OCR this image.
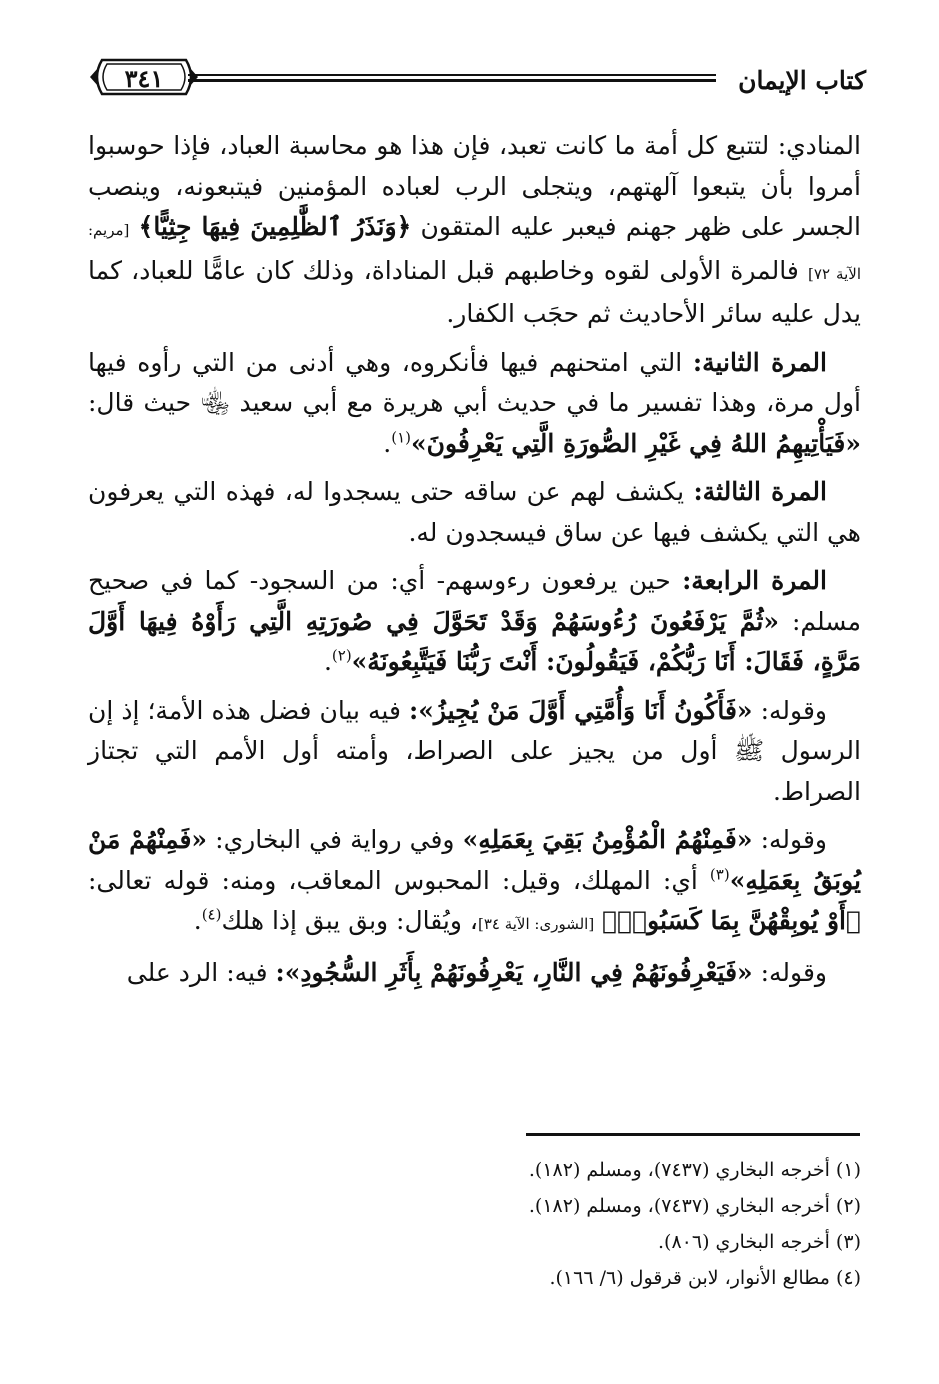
٣٤١	كتاب الإيمان

المنادي: لتتبع كل أمة ما كانت تعبد، فإن هذا هو محاسبة العباد، فإذا حوسبوا أمروا بأن يتبعوا آلهتهم، ويتجلى الرب لعباده المؤمنين فيتبعونه، وينصب الجسر على ظهر جهنم فيعبر عليه المتقون ﴿وَنَذَرُ ٱلظَّٰلِمِينَ فِيهَا جِثِيًّا﴾ [مريم: الآية ٧٢] فالمرة الأولى لقوه وخاطبهم قبل المناداة، وذلك كان عامًّا للعباد، كما يدل عليه سائر الأحاديث ثم حجَب الكفار.

المرة الثانية: التي امتحنهم فيها فأنكروه، وهي أدنى من التي رأوه فيها أول مرة، وهذا تفسير ما في حديث أبي هريرة مع أبي سعيد ﵄ حيث قال: «فَيَأْتِيهِمُ اللهُ فِي غَيْرِ الصُّورَةِ الَّتِي يَعْرِفُونَ»$^{(١)}$.

المرة الثالثة: يكشف لهم عن ساقه حتى يسجدوا له، فهذه التي يعرفون هي التي يكشف فيها عن ساق فيسجدون له.

المرة الرابعة: حين يرفعون رءوسهم- أي: من السجود- كما في صحيح مسلم: «ثُمَّ يَرْفَعُونَ رُءُوسَهُمْ وَقَدْ تَحَوَّلَ فِي صُورَتِهِ الَّتِي رَأَوْهُ فِيهَا أَوَّلَ مَرَّةٍ، فَقَالَ: أَنَا رَبُّكُمْ، فَيَقُولُونَ: أَنْتَ رَبُّنَا فَيَتَّبِعُونَهُ»$^{(٢)}$.

وقوله: «فَأَكُونُ أَنَا وَأُمَّتِي أَوَّلَ مَنْ يُجِيزُ»: فيه بيان فضل هذه الأمة؛ إذ إن الرسول ﷺ أول من يجيز على الصراط، وأمته أول الأمم التي تجتاز الصراط.

وقوله: «فَمِنْهُمُ الْمُؤْمِنُ بَقِيَ بِعَمَلِهِ» وفي رواية في البخاري: «فَمِنْهُمْ مَنْ يُوبَقُ بِعَمَلِهِ»$^{(٣)}$ أي: المهلك، وقيل: المحبوس المعاقب، ومنه: قوله تعالى: ﴿أَوْ يُوبِقْهُنَّ بِمَا كَسَبُوا۟﴾ [الشورى: الآية ٣٤]، ويُقال: وبق يبق إذا هلك$^{(٤)}$.

وقوله: «فَيَعْرِفُونَهُمْ فِي النَّارِ، يَعْرِفُونَهُمْ بِأَثَرِ السُّجُودِ»: فيه: الرد على

(١) أخرجه البخاري (٧٤٣٧)، ومسلم (١٨٢).
(٢) أخرجه البخاري (٧٤٣٧)، ومسلم (١٨٢).
(٣) أخرجه البخاري (٨٠٦).
(٤) مطالع الأنوار، لابن قرقول (٦/ ١٦٦).
